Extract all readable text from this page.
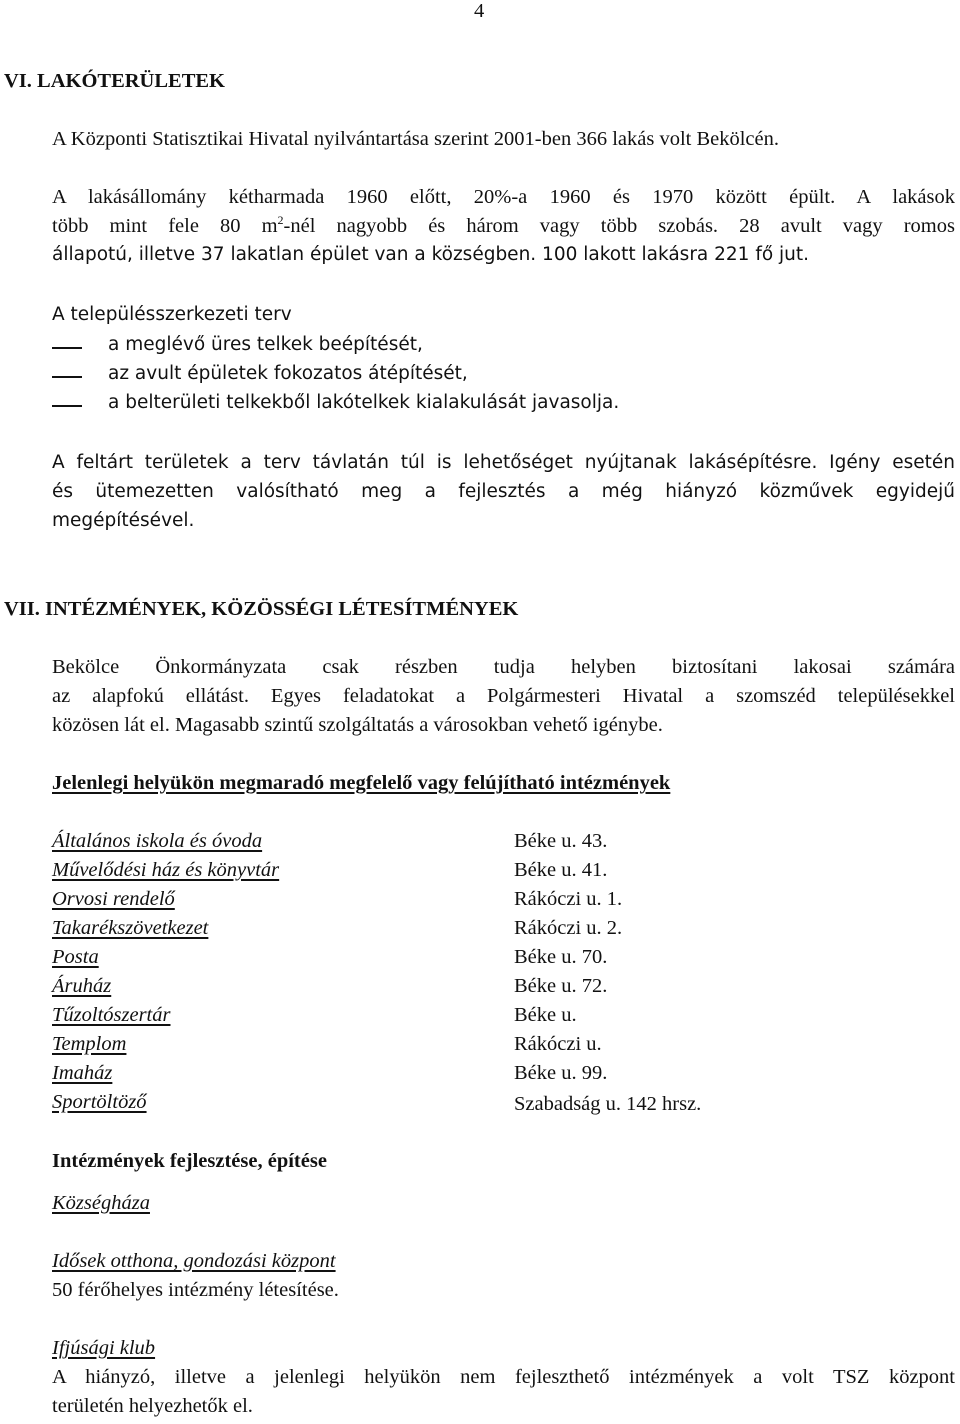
4
VI. LAKÓTERÜLETEK
A Központi Statisztikai Hivatal nyilvántartása szerint 2001-ben 366 lakás volt Bekölcén.
A lakásállomány kétharmada 1960 előtt, 20%-a 1960 és 1970 között épült. A lakások
több mint fele 80 $m^2$-nél nagyobb és három vagy több szobás. 28 avult vagy romos
állapotú, illetve 37 lakatlan épület van a községben. 100 lakott lakásra 221 fő jut.
A településszerkezeti terv
a meglévő üres telkek beépítését,
az avult épületek fokozatos átépítését,
a belterületi telkekből lakótelkek kialakulását javasolja.
A feltárt területek a terv távlatán túl is lehetőséget nyújtanak lakásépítésre. Igény esetén
és ütemezetten valósítható meg a fejlesztés a még hiányzó közművek egyidejű
megépítésével.
VII. INTÉZMÉNYEK, KÖZÖSSÉGI LÉTESÍTMÉNYEK
Bekölce Önkormányzata csak részben tudja helyben biztosítani lakosai számára
az alapfokú ellátást. Egyes feladatokat a Polgármesteri Hivatal a szomszéd településekkel
közösen lát el. Magasabb szintű szolgáltatás a városokban vehető igénybe.
Jelenlegi helyükön megmaradó megfelelő vagy felújítható intézmények
Általános iskola és óvoda	Béke u. 43.
Művelődési ház és könyvtár	Béke u. 41.
Orvosi rendelő	Rákóczi u. 1.
Takarékszövetkezet	Rákóczi u. 2.
Posta	Béke u. 70.
Áruház	Béke u. 72.
Tűzoltószertár	Béke u.
Templom	Rákóczi u.
Imaház	Béke u. 99.
Sportöltöző	Szabadság u. 142 hrsz.
Intézmények fejlesztése, építése
Községháza
Idősek otthona, gondozási központ
50 férőhelyes intézmény létesítése.
Ifjúsági klub
A hiányzó, illetve a jelenlegi helyükön nem fejleszthető intézmények a volt TSZ központ
területén helyezhetők el.
